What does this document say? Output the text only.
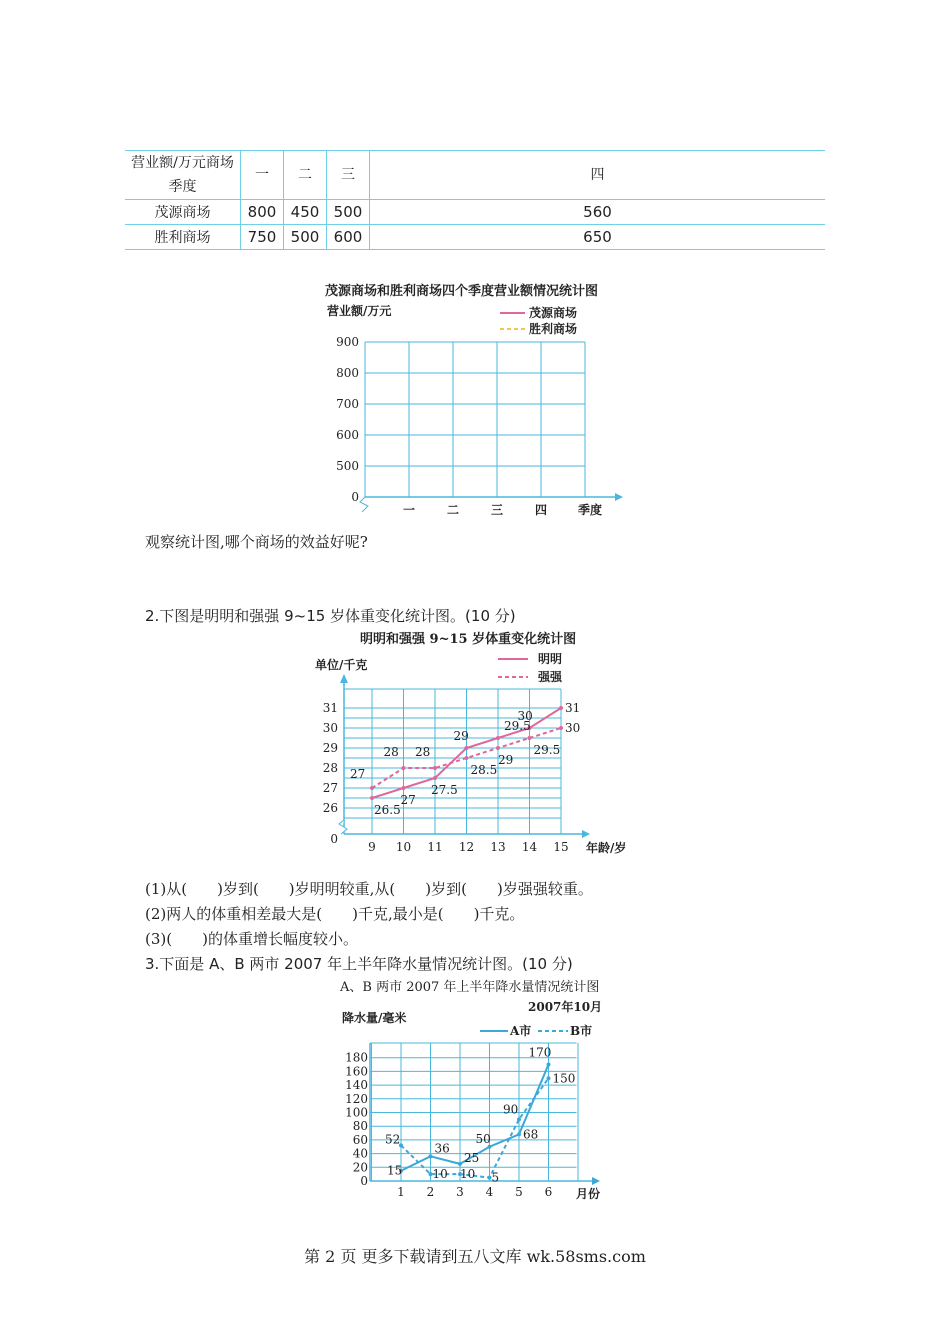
营业额/万元商场季度	一	二	三	四
茂源商场	800	450	500	560
胜利商场	750	500	600	650
茂源商场和胜利商场四个季度营业额情况统计图
营业额/万元	茂源商场
胜利商场
0
500
600
700
800
900
一	二	三	四	季度
观察统计图,哪个商场的效益好呢?
2.下图是明明和强强 9~15 岁体重变化统计图。(10 分)
明明和强强 9~15 岁体重变化统计图
单位/千克	明明
强强
0
26
27
28
29
30
31
9 10 11 12 13 14 15
26.5
27
27.5
29
29.5
30
31
27
28 28
28.5
29
29.5
30
年龄/岁
(1)从(　　)岁到(　　)岁明明较重,从(　　)岁到(　　)岁强强较重。
(2)两人的体重相差最大是(　　)千克,最小是(　　)千克。
(3)(　　)的体重增长幅度较小。
3.下面是 A、B 两市 2007 年上半年降水量情况统计图。(10 分)
A、B 两市 2007 年上半年降水量情况统计图
2007年10月
降水量/毫米
A市	B市
0
20
40
60
80
100
120
140
160
180
1 2 3 4 5 6
15
36
25
50	68
170
52
10 10 5
90
150
月份
第 2 页 更多下载请到五八文库 wk.58sms.com
